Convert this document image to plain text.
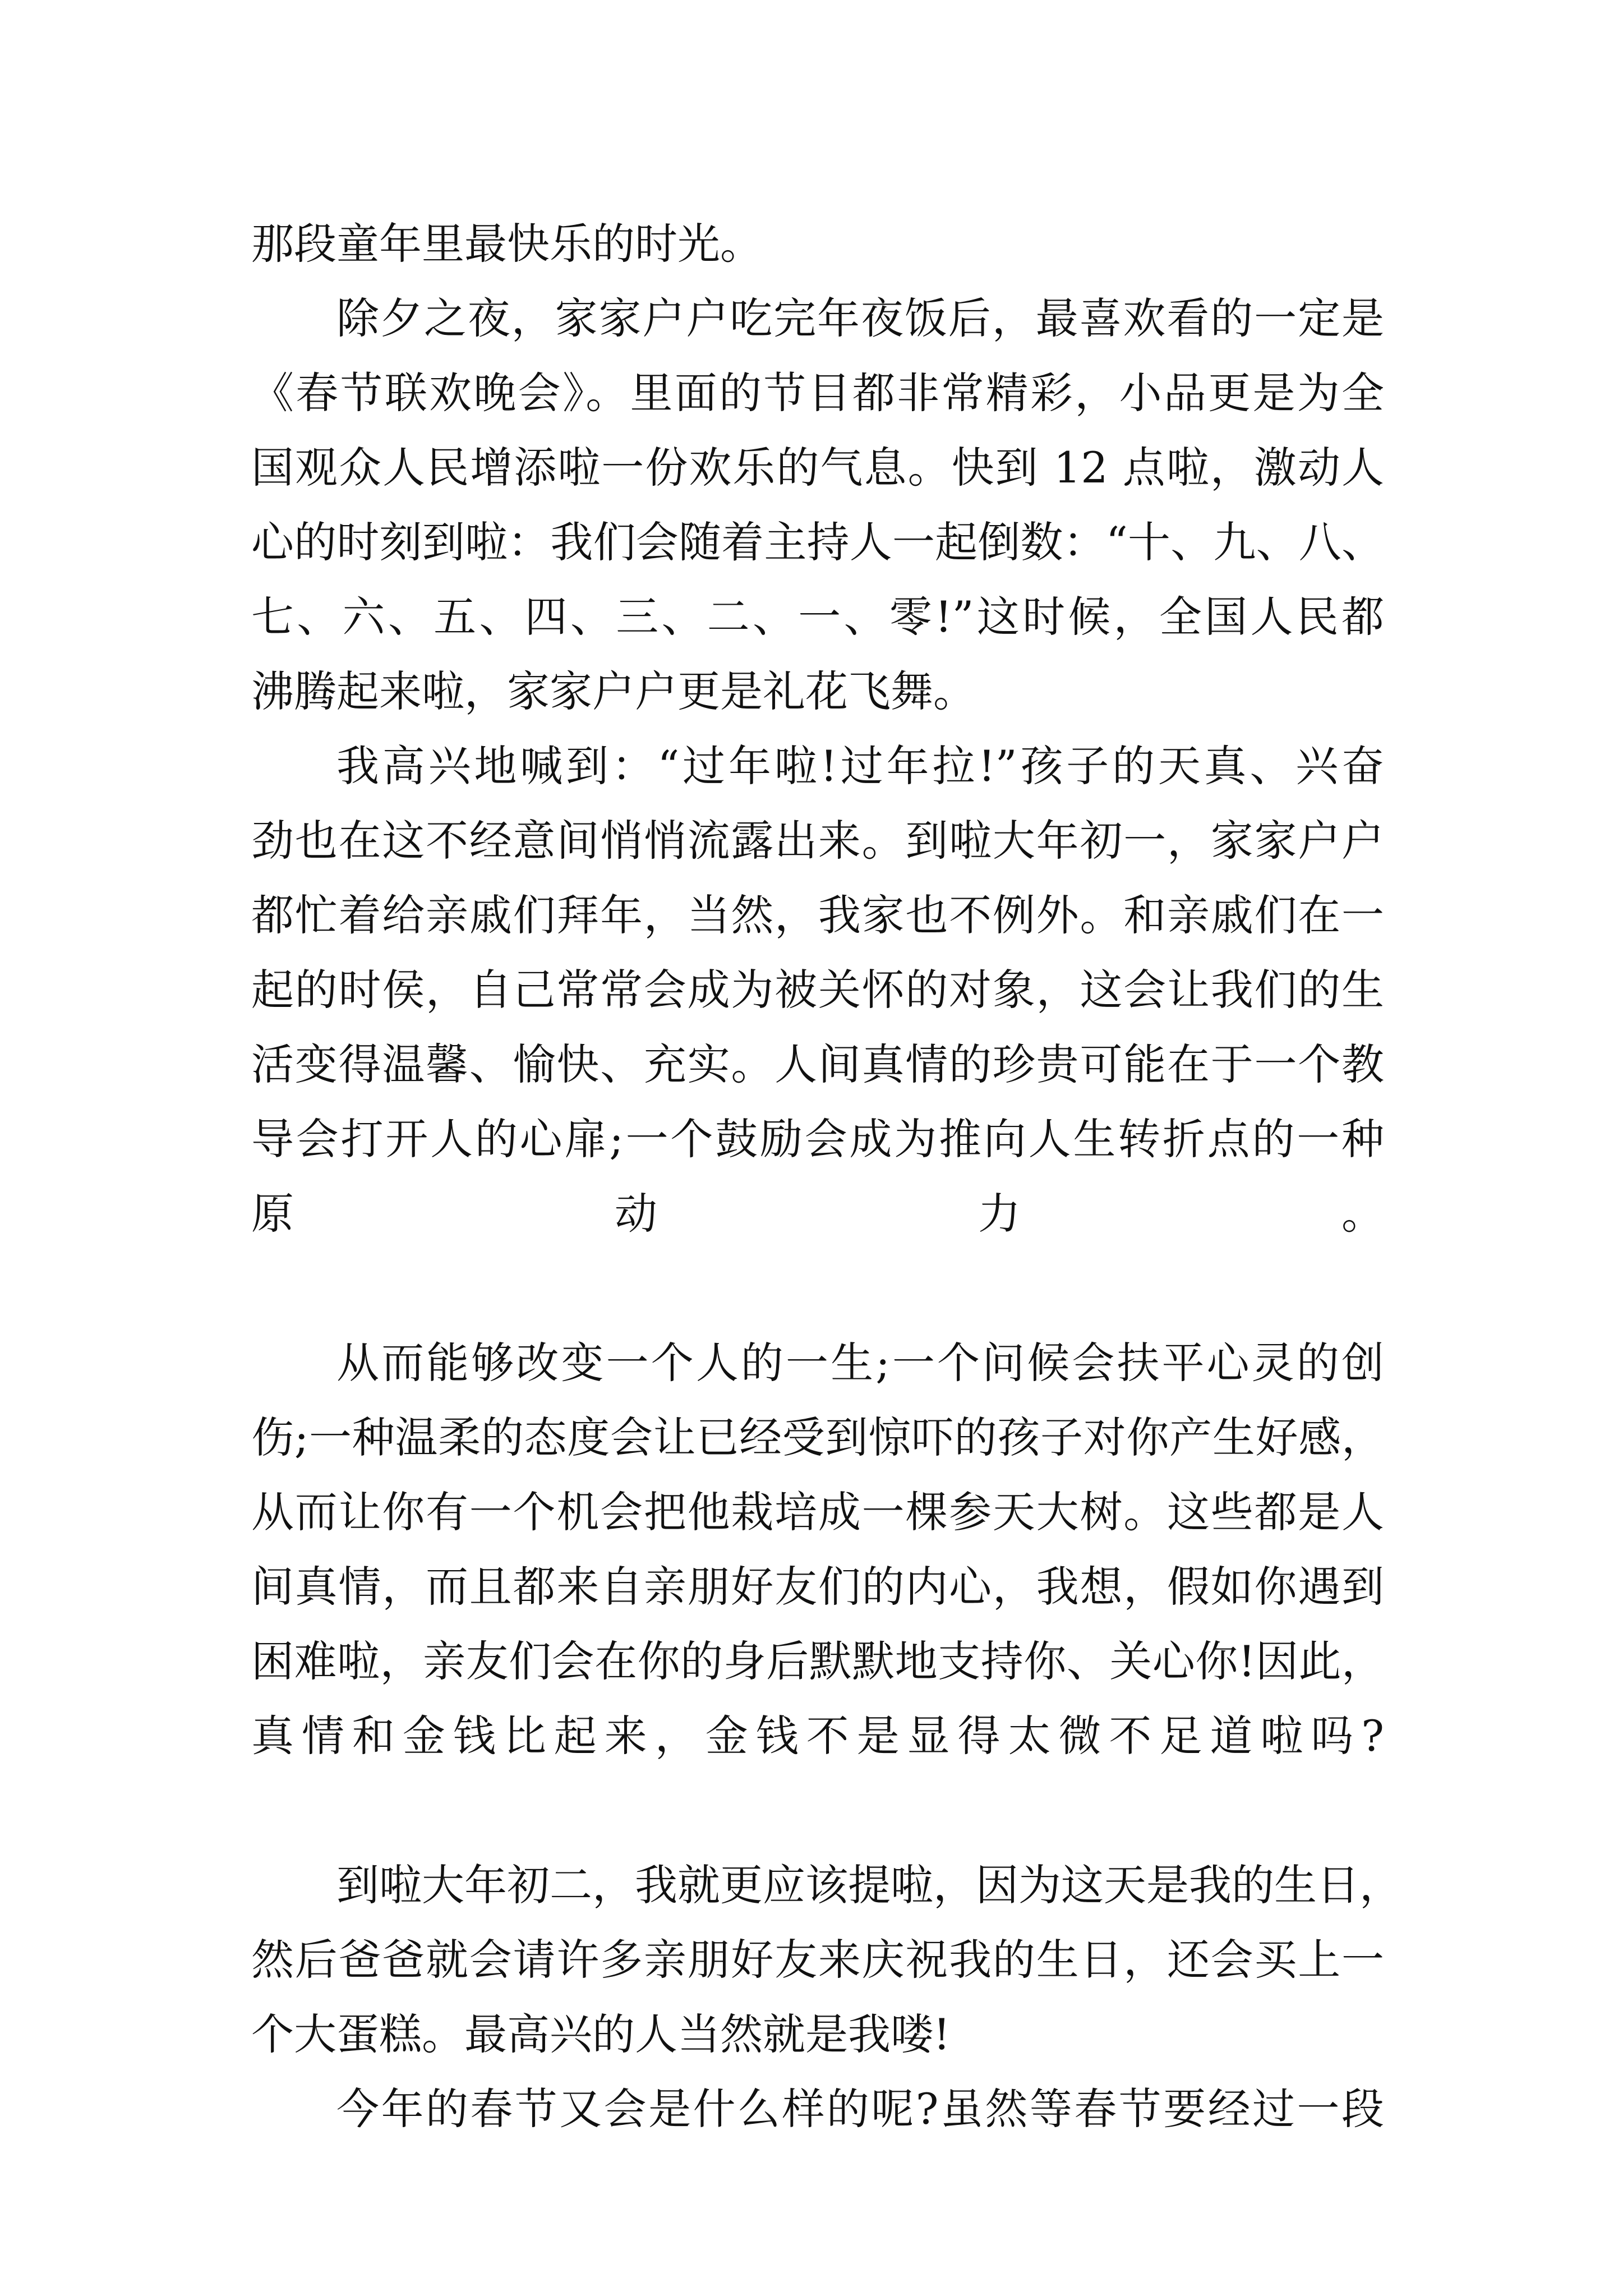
那段童年里最快乐的时光。
除夕之夜，家家户户吃完年夜饭后，最喜欢看的一定是
《春节联欢晚会》。里面的节目都非常精彩，小品更是为全
国观众人民增添啦一份欢乐的气息。快到 12 点啦，激动人
心的时刻到啦：我们会随着主持人一起倒数：“十、九、八、
七、六、五、四、三、二、一、零!”这时候，全国人民都
沸腾起来啦，家家户户更是礼花飞舞。
我高兴地喊到：“过年啦!过年拉!”孩子的天真、兴奋
劲也在这不经意间悄悄流露出来。到啦大年初一，家家户户
都忙着给亲戚们拜年，当然，我家也不例外。和亲戚们在一
起的时侯，自己常常会成为被关怀的对象，这会让我们的生
活变得温馨、愉快、充实。人间真情的珍贵可能在于一个教
导会打开人的心扉;一个鼓励会成为推向人生转折点的一种
原动力。
从而能够改变一个人的一生;一个问候会扶平心灵的创
伤;一种温柔的态度会让已经受到惊吓的孩子对你产生好感，
从而让你有一个机会把他栽培成一棵参天大树。这些都是人
间真情，而且都来自亲朋好友们的内心，我想，假如你遇到
困难啦，亲友们会在你的身后默默地支持你、关心你!因此，
真情和金钱比起来，金钱不是显得太微不足道啦吗?
到啦大年初二，我就更应该提啦，因为这天是我的生日，
然后爸爸就会请许多亲朋好友来庆祝我的生日，还会买上一
个大蛋糕。最高兴的人当然就是我喽!
今年的春节又会是什么样的呢?虽然等春节要经过一段
